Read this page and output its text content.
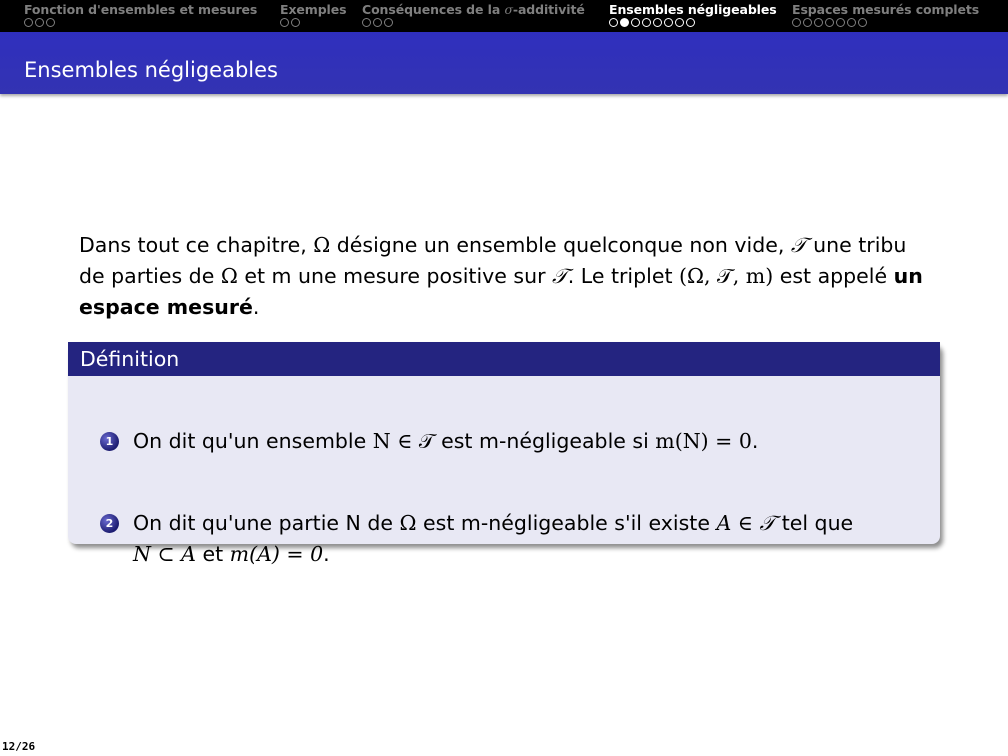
Fonction d'ensembles et mesures Exemples Conséquences de la σ-additivité Ensembles négligeables Espaces mesurés complets
Ensembles négligeables
Dans tout ce chapitre, Ω désigne un ensemble quelconque non vide, 𝒯 une tribu de parties de Ω et m une mesure positive sur 𝒯. Le triplet (Ω, 𝒯, m) est appelé un espace mesuré.
Définition
1 On dit qu'un ensemble N ∈ 𝒯 est m-négligeable si m(N) = 0.
2 On dit qu'une partie N de Ω est m-négligeable s'il existe A ∈ 𝒯 tel que
N ⊂ A et m(A) = 0.
12/26
